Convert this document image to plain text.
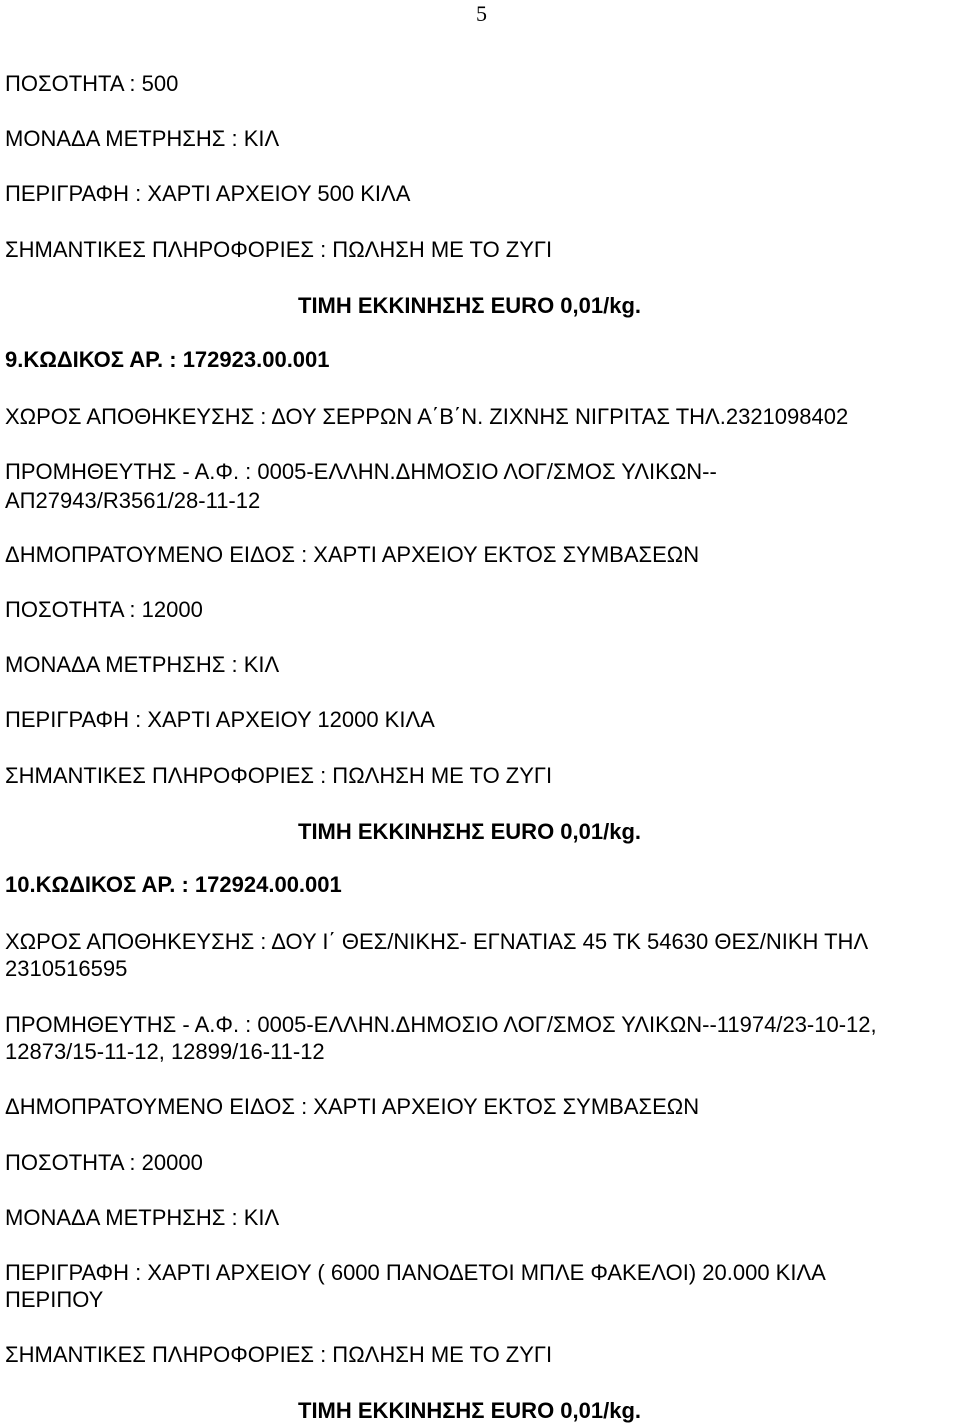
5
ΠΟΣΟΤΗΤΑ : 500
ΜΟΝΑΔΑ ΜΕΤΡΗΣΗΣ : ΚΙΛ
ΠΕΡΙΓΡΑΦΗ : ΧΑΡΤΙ ΑΡΧΕΙΟΥ 500 ΚΙΛΑ
ΣΗΜΑΝΤΙΚΕΣ ΠΛΗΡΟΦΟΡΙΕΣ : ΠΩΛΗΣΗ ΜΕ ΤΟ ΖΥΓΙ
ΤΙΜΗ ΕΚΚΙΝΗΣΗΣ EURO 0,01/kg.
9.ΚΩΔΙΚΟΣ ΑΡ. : 172923.00.001
ΧΩΡΟΣ ΑΠΟΘΗΚΕΥΣΗΣ : ΔΟΥ ΣΕΡΡΩΝ Α΄Β΄Ν. ΖΙΧΝΗΣ ΝΙΓΡΙΤΑΣ ΤΗΛ.2321098402
ΠΡΟΜΗΘΕΥΤΗΣ - Α.Φ. : 0005-ΕΛΛΗΝ.ΔΗΜΟΣΙΟ ΛΟΓ/ΣΜΟΣ ΥΛΙΚΩΝ--
ΑΠ27943/R3561/28-11-12
ΔΗΜΟΠΡΑΤΟΥΜΕΝΟ ΕΙΔΟΣ : ΧΑΡΤΙ ΑΡΧΕΙΟΥ ΕΚΤΟΣ ΣΥΜΒΑΣΕΩΝ
ΠΟΣΟΤΗΤΑ : 12000
ΜΟΝΑΔΑ ΜΕΤΡΗΣΗΣ : ΚΙΛ
ΠΕΡΙΓΡΑΦΗ : ΧΑΡΤΙ ΑΡΧΕΙΟΥ 12000 ΚΙΛΑ
ΣΗΜΑΝΤΙΚΕΣ ΠΛΗΡΟΦΟΡΙΕΣ : ΠΩΛΗΣΗ ΜΕ ΤΟ ΖΥΓΙ
ΤΙΜΗ ΕΚΚΙΝΗΣΗΣ EURO 0,01/kg.
10.ΚΩΔΙΚΟΣ ΑΡ. : 172924.00.001
ΧΩΡΟΣ ΑΠΟΘΗΚΕΥΣΗΣ : ΔΟΥ Ι΄ ΘΕΣ/ΝΙΚΗΣ- ΕΓΝΑΤΙΑΣ 45 ΤΚ 54630 ΘΕΣ/ΝΙΚΗ ΤΗΛ
2310516595
ΠΡΟΜΗΘΕΥΤΗΣ - Α.Φ. : 0005-ΕΛΛΗΝ.ΔΗΜΟΣΙΟ ΛΟΓ/ΣΜΟΣ ΥΛΙΚΩΝ--11974/23-10-12,
12873/15-11-12, 12899/16-11-12
ΔΗΜΟΠΡΑΤΟΥΜΕΝΟ ΕΙΔΟΣ : ΧΑΡΤΙ ΑΡΧΕΙΟΥ ΕΚΤΟΣ ΣΥΜΒΑΣΕΩΝ
ΠΟΣΟΤΗΤΑ : 20000
ΜΟΝΑΔΑ ΜΕΤΡΗΣΗΣ : ΚΙΛ
ΠΕΡΙΓΡΑΦΗ : ΧΑΡΤΙ ΑΡΧΕΙΟΥ ( 6000 ΠΑΝΟΔΕΤΟΙ ΜΠΛΕ ΦΑΚΕΛΟΙ) 20.000 ΚΙΛΑ
ΠΕΡΙΠΟΥ
ΣΗΜΑΝΤΙΚΕΣ ΠΛΗΡΟΦΟΡΙΕΣ : ΠΩΛΗΣΗ ΜΕ ΤΟ ΖΥΓΙ
ΤΙΜΗ ΕΚΚΙΝΗΣΗΣ EURO 0,01/kg.
